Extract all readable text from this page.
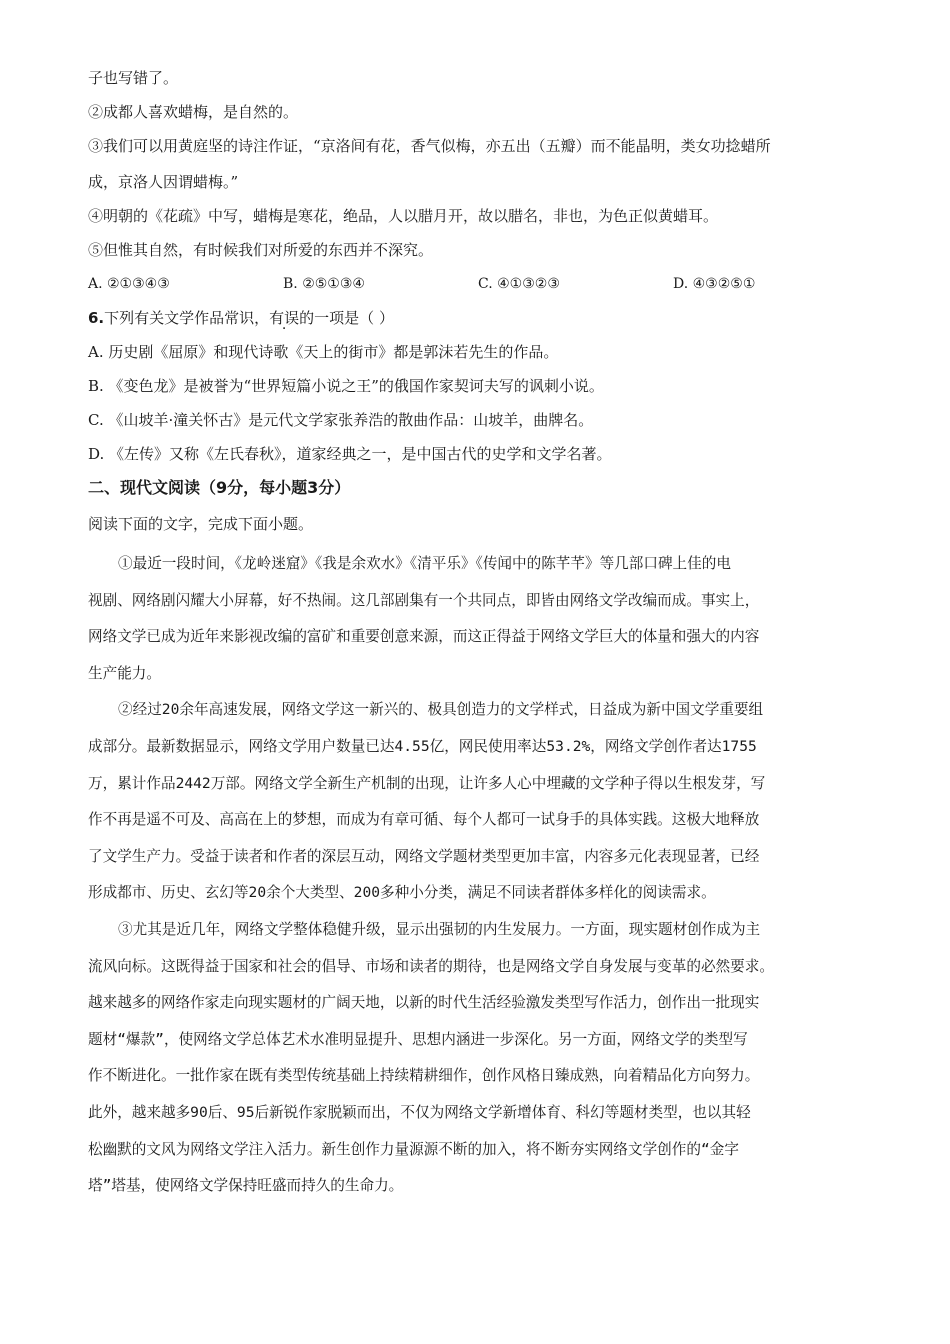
子也写错了。

②成都人喜欢蜡梅，是自然的。

③我们可以用黄庭坚的诗注作证，“京洛间有花，香气似梅，亦五出（五瓣）而不能晶明，类女功捻蜡所

成，京洛人因谓蜡梅。”

④明朝的《花疏》中写，蜡梅是寒花，绝品，人以腊月开，故以腊名，非也，为色正似黄蜡耳。

⑤但惟其自然，有时候我们对所爱的东西并不深究。

A. ②①③④③	B. ②⑤①③④	C. ④①③②③	D. ④③②⑤①
6.下列有关文学作品常识，有误的一项是（ ）

A. 历史剧《屈原》和现代诗歌《天上的街市》都是郭沫若先生的作品。

B. 《变色龙》是被誉为“世界短篇小说之王”的俄国作家契诃夫写的讽刺小说。

C. 《山坡羊·潼关怀古》是元代文学家张养浩的散曲作品：山坡羊，曲牌名。

D. 《左传》又称《左氏春秋》，道家经典之一，是中国古代的史学和文学名著。

二、现代文阅读（9分，每小题3分）
阅读下面的文字，完成下面小题。

①最近一段时间，《龙岭迷窟》《我是余欢水》《清平乐》《传闻中的陈芊芊》等几部口碑上佳的电
视剧、网络剧闪耀大小屏幕，好不热闹。这几部剧集有一个共同点，即皆由网络文学改编而成。事实上，
网络文学已成为近年来影视改编的富矿和重要创意来源，而这正得益于网络文学巨大的体量和强大的内容
生产能力。

②经过20余年高速发展，网络文学这一新兴的、极具创造力的文学样式，日益成为新中国文学重要组
成部分。最新数据显示，网络文学用户数量已达4.55亿，网民使用率达53.2%，网络文学创作者达1755
万，累计作品2442万部。网络文学全新生产机制的出现，让许多人心中埋藏的文学种子得以生根发芽，写
作不再是遥不可及、高高在上的梦想，而成为有章可循、每个人都可一试身手的具体实践。这极大地释放
了文学生产力。受益于读者和作者的深层互动，网络文学题材类型更加丰富，内容多元化表现显著，已经
形成都市、历史、玄幻等20余个大类型、200多种小分类，满足不同读者群体多样化的阅读需求。

③尤其是近几年，网络文学整体稳健升级，显示出强韧的内生发展力。一方面，现实题材创作成为主
流风向标。这既得益于国家和社会的倡导、市场和读者的期待，也是网络文学自身发展与变革的必然要求。
越来越多的网络作家走向现实题材的广阔天地，以新的时代生活经验激发类型写作活力，创作出一批现实
题材“爆款”，使网络文学总体艺术水准明显提升、思想内涵进一步深化。另一方面，网络文学的类型写
作不断进化。一批作家在既有类型传统基础上持续精耕细作，创作风格日臻成熟，向着精品化方向努力。
此外，越来越多90后、95后新锐作家脱颖而出，不仅为网络文学新增体育、科幻等题材类型，也以其轻
松幽默的文风为网络文学注入活力。新生创作力量源源不断的加入，将不断夯实网络文学创作的“金字
塔”塔基，使网络文学保持旺盛而持久的生命力。
